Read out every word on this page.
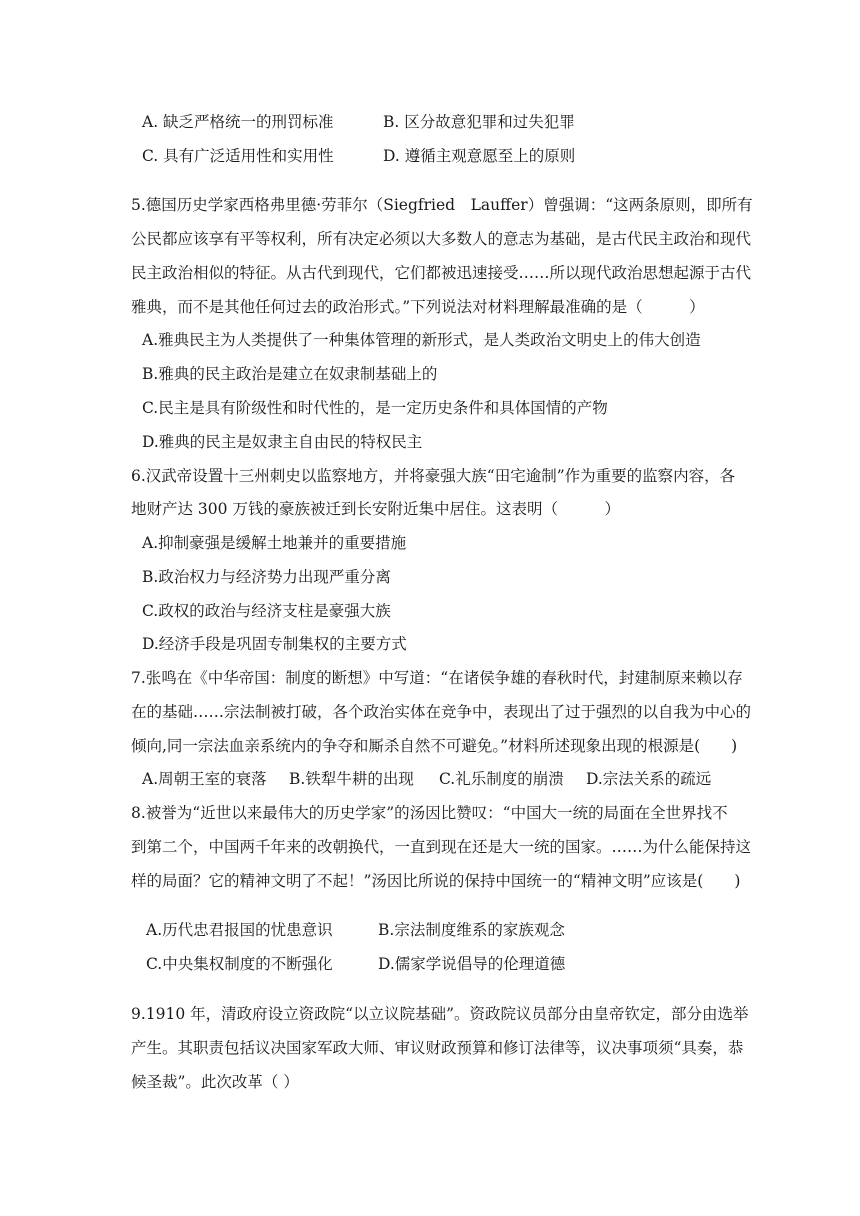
A. 缺乏严格统一的刑罚标准	B. 区分故意犯罪和过失犯罪
C. 具有广泛适用性和实用性	D. 遵循主观意愿至上的原则
5.德国历史学家西格弗里德·劳菲尔（Siegfried　Lauffer）曾强调：“这两条原则，即所有
公民都应该享有平等权利，所有决定必须以大多数人的意志为基础，是古代民主政治和现代
民主政治相似的特征。从古代到现代，它们都被迅速接受……所以现代政治思想起源于古代
雅典，而不是其他任何过去的政治形式。”下列说法对材料理解最准确的是（　　　）
A.雅典民主为人类提供了一种集体管理的新形式，是人类政治文明史上的伟大创造
B.雅典的民主政治是建立在奴隶制基础上的
C.民主是具有阶级性和时代性的，是一定历史条件和具体国情的产物
D.雅典的民主是奴隶主自由民的特权民主
6.汉武帝设置十三州刺史以监察地方，并将豪强大族“田宅逾制”作为重要的监察内容，各
地财产达 300 万钱的豪族被迁到长安附近集中居住。这表明（　　　）
A.抑制豪强是缓解土地兼并的重要措施
B.政治权力与经济势力出现严重分离
C.政权的政治与经济支柱是豪强大族
D.经济手段是巩固专制集权的主要方式
7.张鸣在《中华帝国：制度的断想》中写道：“在诸侯争雄的春秋时代，封建制原来赖以存
在的基础……宗法制被打破，各个政治实体在竞争中，表现出了过于强烈的以自我为中心的
倾向,同一宗法血亲系统内的争夺和厮杀自然不可避免。”材料所述现象出现的根源是(　　)
A.周朝王室的衰落 B.铁犁牛耕的出现 C.礼乐制度的崩溃 D.宗法关系的疏远
8.被誉为“近世以来最伟大的历史学家”的汤因比赞叹：“中国大一统的局面在全世界找不
到第二个，中国两千年来的改朝换代，一直到现在还是大一统的国家。……为什么能保持这
样的局面？它的精神文明了不起！”汤因比所说的保持中国统一的“精神文明”应该是(　　)
A.历代忠君报国的忧患意识	B.宗法制度维系的家族观念
C.中央集权制度的不断强化	D.儒家学说倡导的伦理道德
9.1910 年，清政府设立资政院“以立议院基础”。资政院议员部分由皇帝钦定，部分由选举
产生。其职责包括议决国家军政大师、审议财政预算和修订法律等，议决事项须“具奏，恭
候圣裁”。此次改革（ ）
